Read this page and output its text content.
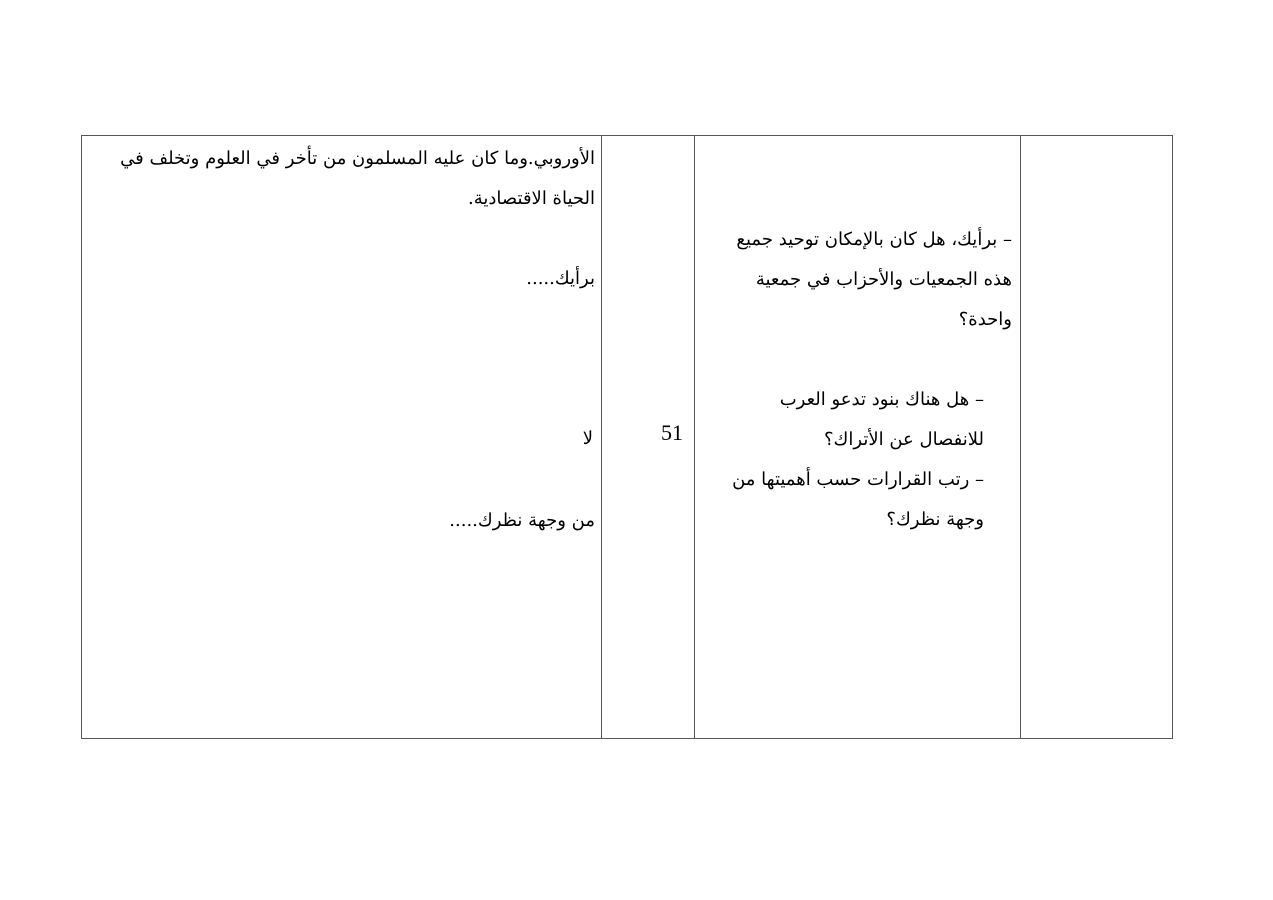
الأوروبي.وما كان عليه المسلمون من تأخر في العلوم وتخلف في
الحياة الاقتصادية.
برأيك.....
لا
من وجهة نظرك.....
51
– برأيك، هل كان بالإمكان توحيد جميع
هذه الجمعيات والأحزاب في جمعية
واحدة؟
– هل هناك بنود تدعو العرب
للانفصال عن الأتراك؟
– رتب القرارات حسب أهميتها من
وجهة نظرك؟
